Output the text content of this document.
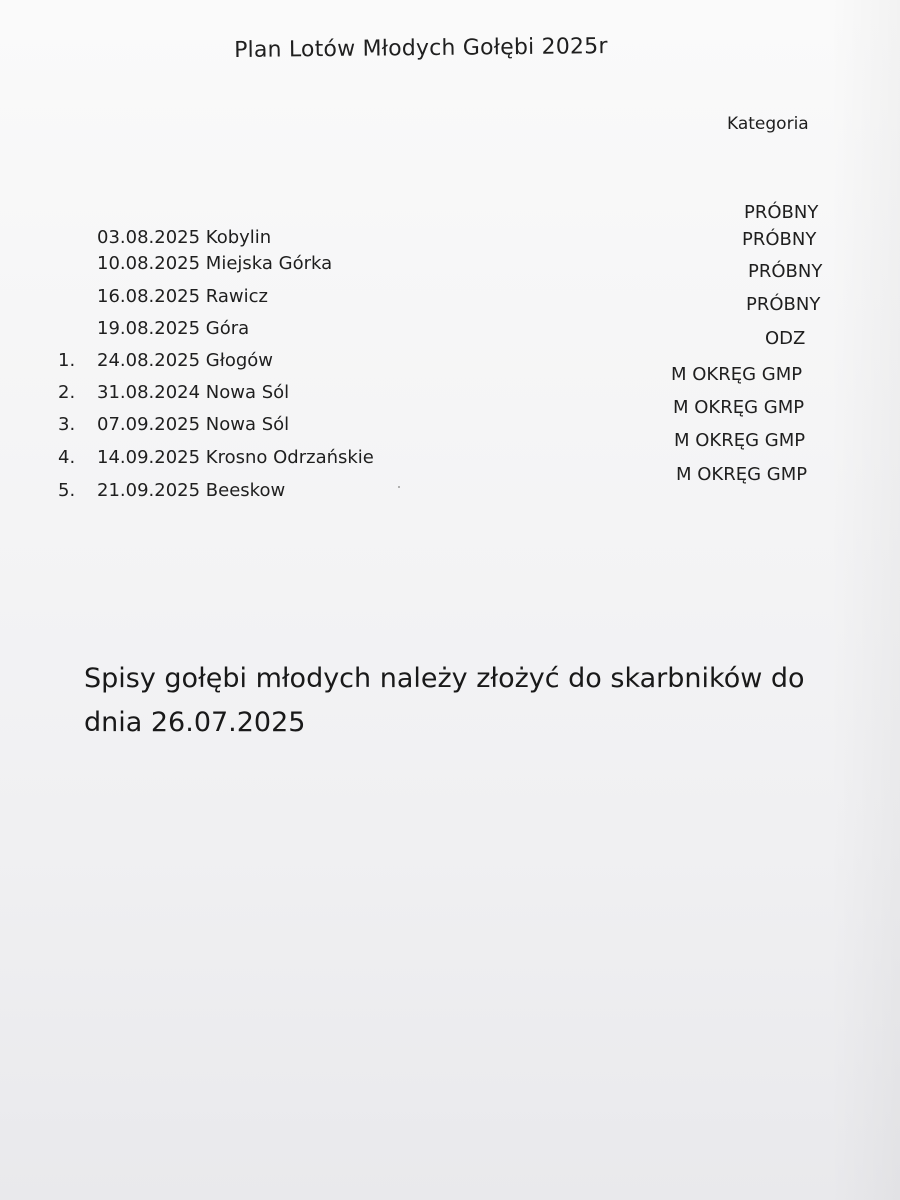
Plan Lotów Młodych Gołębi 2025r
Kategoria
03.08.2025 Kobylin
10.08.2025 Miejska Górka
16.08.2025 Rawicz
19.08.2025 Góra
1. 24.08.2025 Głogów
2. 31.08.2024 Nowa Sól
3. 07.09.2025 Nowa Sól
4. 14.09.2025 Krosno Odrzańskie
5. 21.09.2025 Beeskow
PRÓBNY
PRÓBNY
PRÓBNY
PRÓBNY
ODZ
M OKRĘG GMP
M OKRĘG GMP
M OKRĘG GMP
M OKRĘG GMP
Spisy gołębi młodych należy złożyć do skarbników do dnia 26.07.2025
